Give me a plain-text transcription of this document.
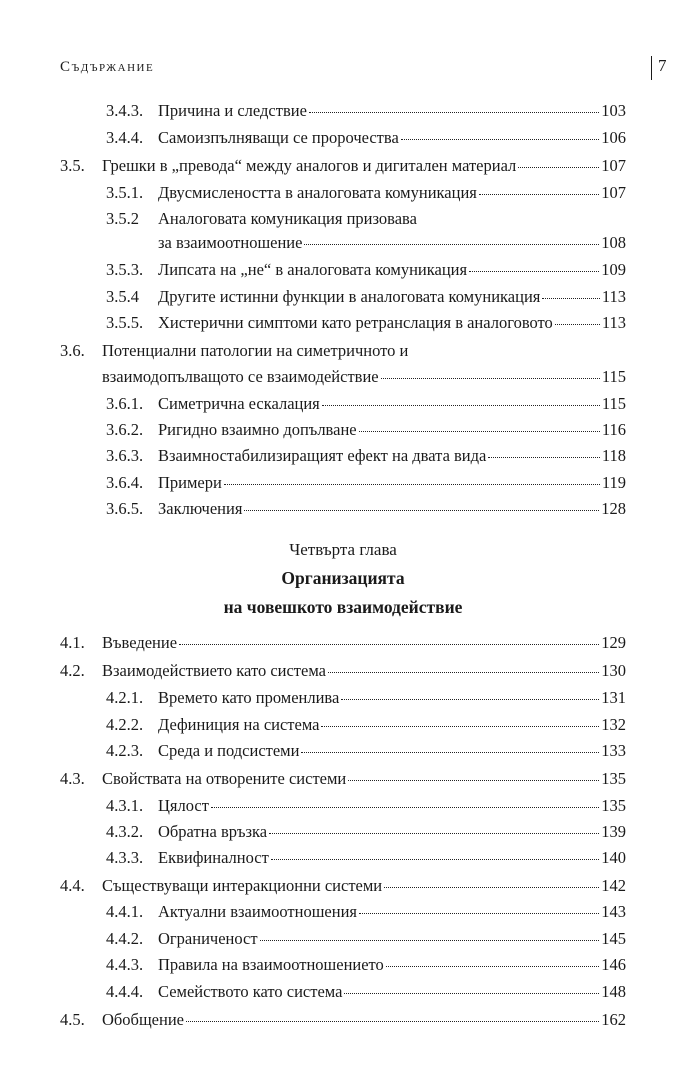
Съдържание	7
3.4.3. Причина и следствие	103
3.4.4. Самоизпълняващи се пророчества	106
3.5.	Грешки в „превода“ между аналогов и дигитален материал	107
3.5.1. Двусмислеността в аналоговата комуникация	107
3.5.2 Аналоговата комуникация призовава
за взаимоотношение	108
3.5.3. Липсата на „не“ в аналоговата комуникация	109
3.5.4	Другите истинни функции в аналоговата комуникация	113
3.5.5. Хистерични симптоми като ретранслация в аналоговото	113
3.6. Потенциални патологии на симетричното и
взаимодопълващото се взаимодействие	115
3.6.1. Симетрична ескалация	115
3.6.2. Ригидно взаимно допълване	116
3.6.3. Взаимностабилизиращият ефект на двата вида	118
3.6.4. Примери	119
3.6.5. Заключения	128
Четвърта глава
Организацията
на човешкото взаимодействие
4.1.	Въведение	129
4.2.	Взаимодействието като система	130
4.2.1. Времето като променлива	131
4.2.2. Дефиниция на система	132
4.2.3. Среда и подсистеми	133
4.3.	Свойствата на отворените системи	135
4.3.1. Цялост	135
4.3.2. Обратна връзка	139
4.3.3. Еквифиналност	140
4.4.	Съществуващи интеракционни системи	142
4.4.1. Актуални взаимоотношения	143
4.4.2. Ограниченост	145
4.4.3. Правила на взаимоотношението	146
4.4.4. Семейството като система	148
4.5.	Обобщение	162
